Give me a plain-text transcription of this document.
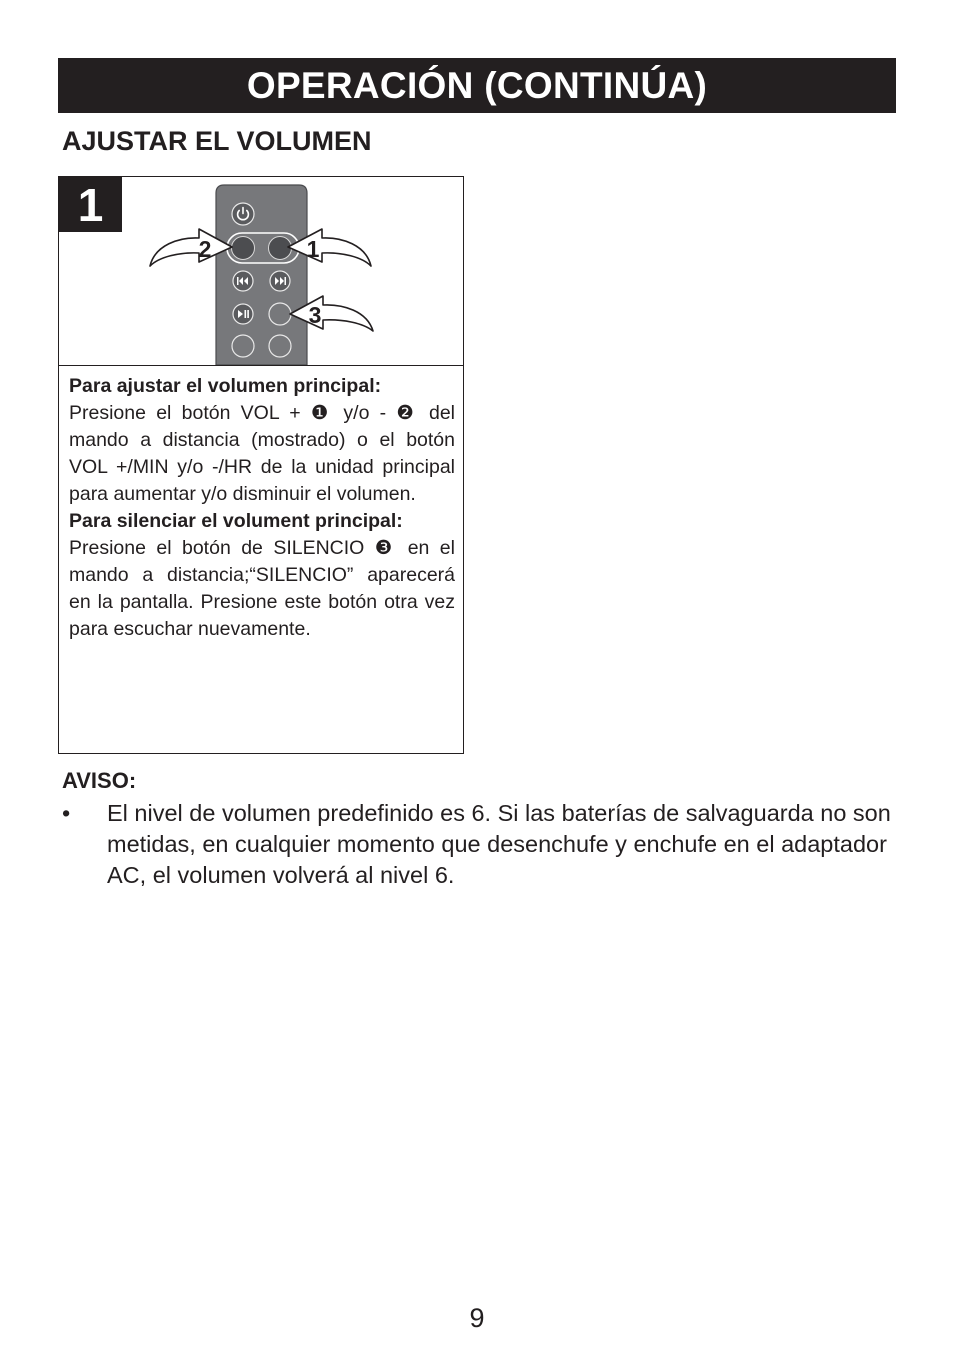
OPERACIÓN (CONTINÚA)
AJUSTAR EL VOLUMEN
2	1
3
1

Para ajustar el volumen principal:

Presione el botón VOL + ❶ y/o - ❷ del mando a distancia (mostrado) o el botón VOL +/MIN y/o -/HR de la unidad principal para aumentar y/o disminuir el volumen.

Para silenciar el volument principal:

Presione el botón de SILENCIO ❸ en el mando a distancia;“SILENCIO” aparecerá en la pantalla. Presione este botón otra vez para escuchar nuevamente.

AVISO:
• El nivel de volumen predefinido es 6. Si las baterías de salvaguarda no son metidas, en cualquier momento que desenchufe y enchufe en el adaptador AC, el volumen volverá al nivel 6.
9
